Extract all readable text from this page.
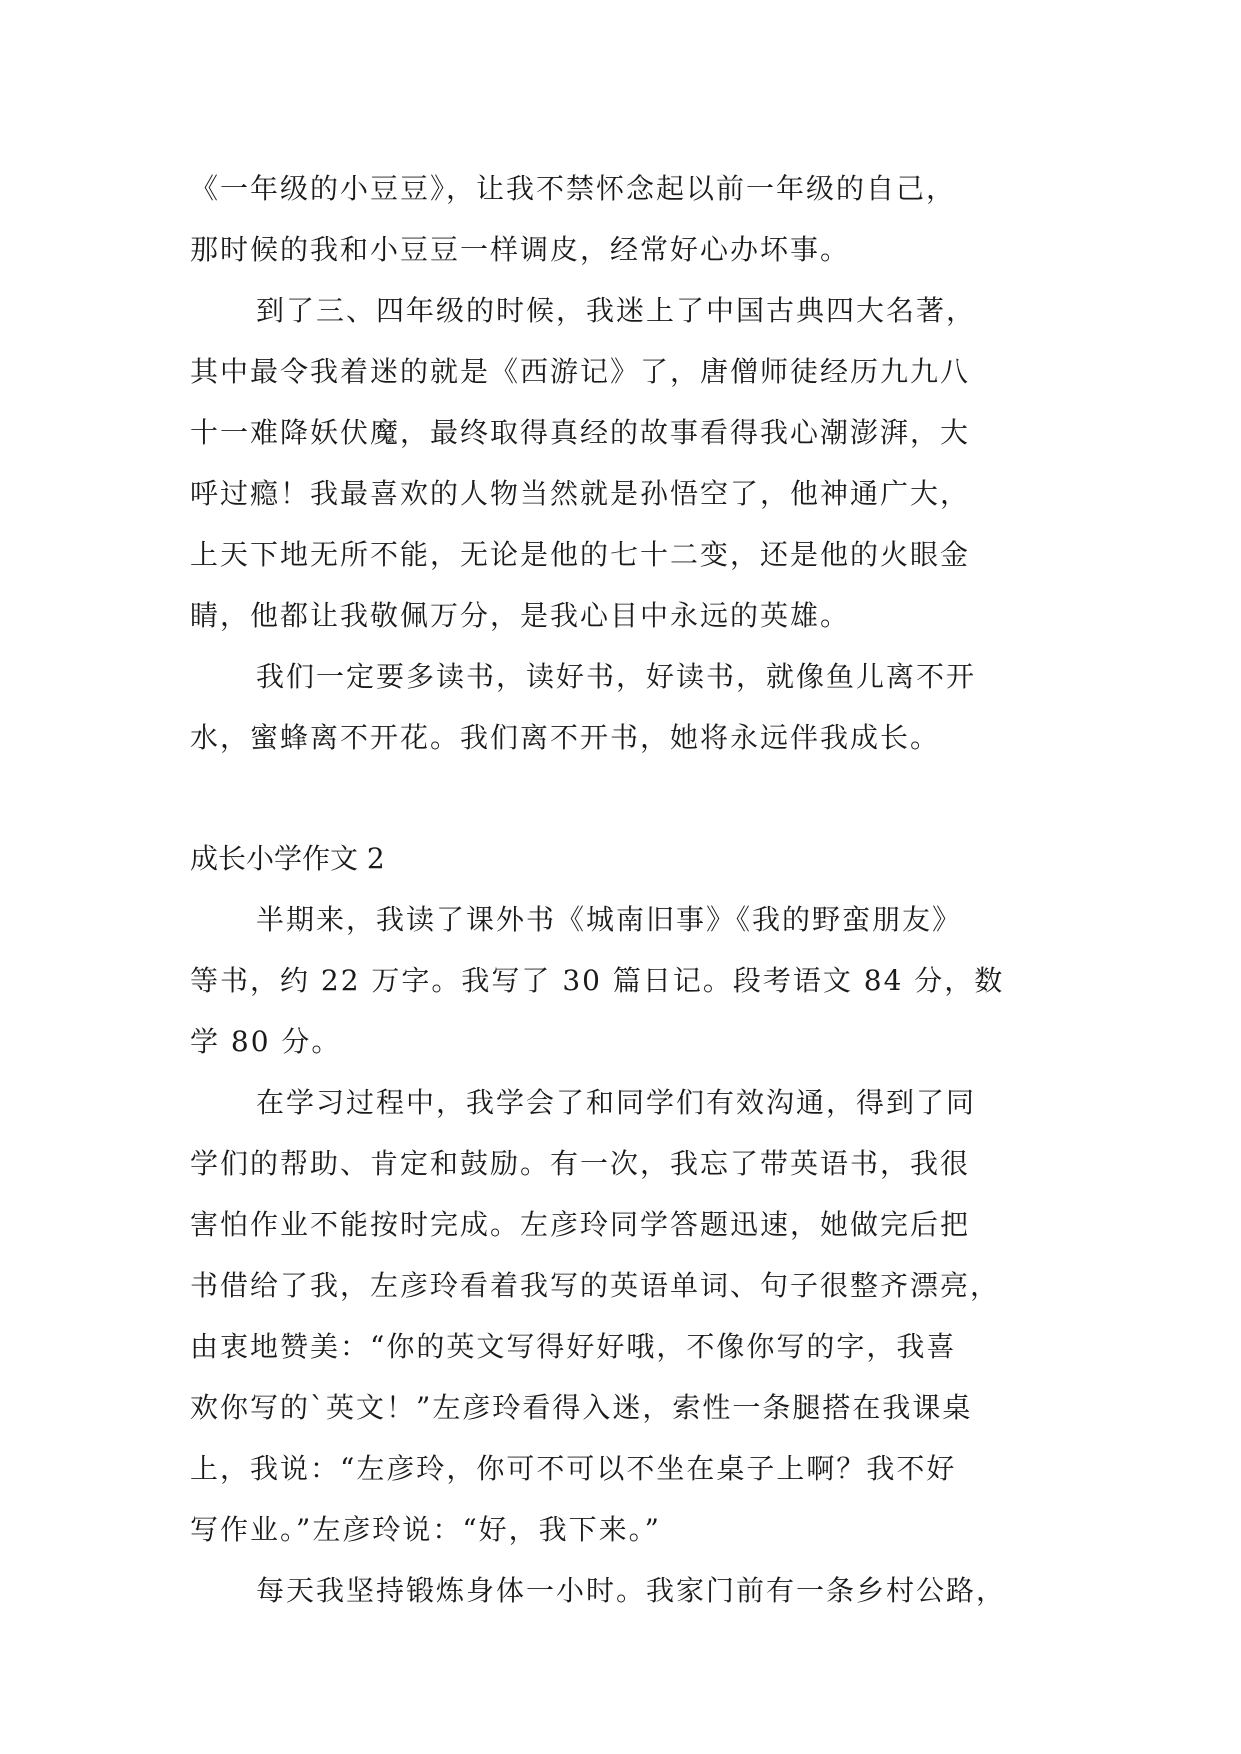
《一年级的小豆豆》，让我不禁怀念起以前一年级的自己，
那时候的我和小豆豆一样调皮，经常好心办坏事。
到了三、四年级的时候，我迷上了中国古典四大名著，
其中最令我着迷的就是《西游记》了，唐僧师徒经历九九八
十一难降妖伏魔，最终取得真经的故事看得我心潮澎湃，大
呼过瘾！我最喜欢的人物当然就是孙悟空了，他神通广大，
上天下地无所不能，无论是他的七十二变，还是他的火眼金
睛，他都让我敬佩万分，是我心目中永远的英雄。
我们一定要多读书，读好书，好读书，就像鱼儿离不开
水，蜜蜂离不开花。我们离不开书，她将永远伴我成长。
成长小学作文 2
半期来，我读了课外书《城南旧事》《我的野蛮朋友》
等书，约 22 万字。我写了 30 篇日记。段考语文 84 分，数
学 80 分。
在学习过程中，我学会了和同学们有效沟通，得到了同
学们的帮助、肯定和鼓励。有一次，我忘了带英语书，我很
害怕作业不能按时完成。左彦玲同学答题迅速，她做完后把
书借给了我，左彦玲看着我写的英语单词、句子很整齐漂亮，
由衷地赞美：“你的英文写得好好哦，不像你写的字，我喜
欢你写的`英文！”左彦玲看得入迷，索性一条腿搭在我课桌
上，我说：“左彦玲，你可不可以不坐在桌子上啊？我不好
写作业。”左彦玲说：“好，我下来。”
每天我坚持锻炼身体一小时。我家门前有一条乡村公路，
